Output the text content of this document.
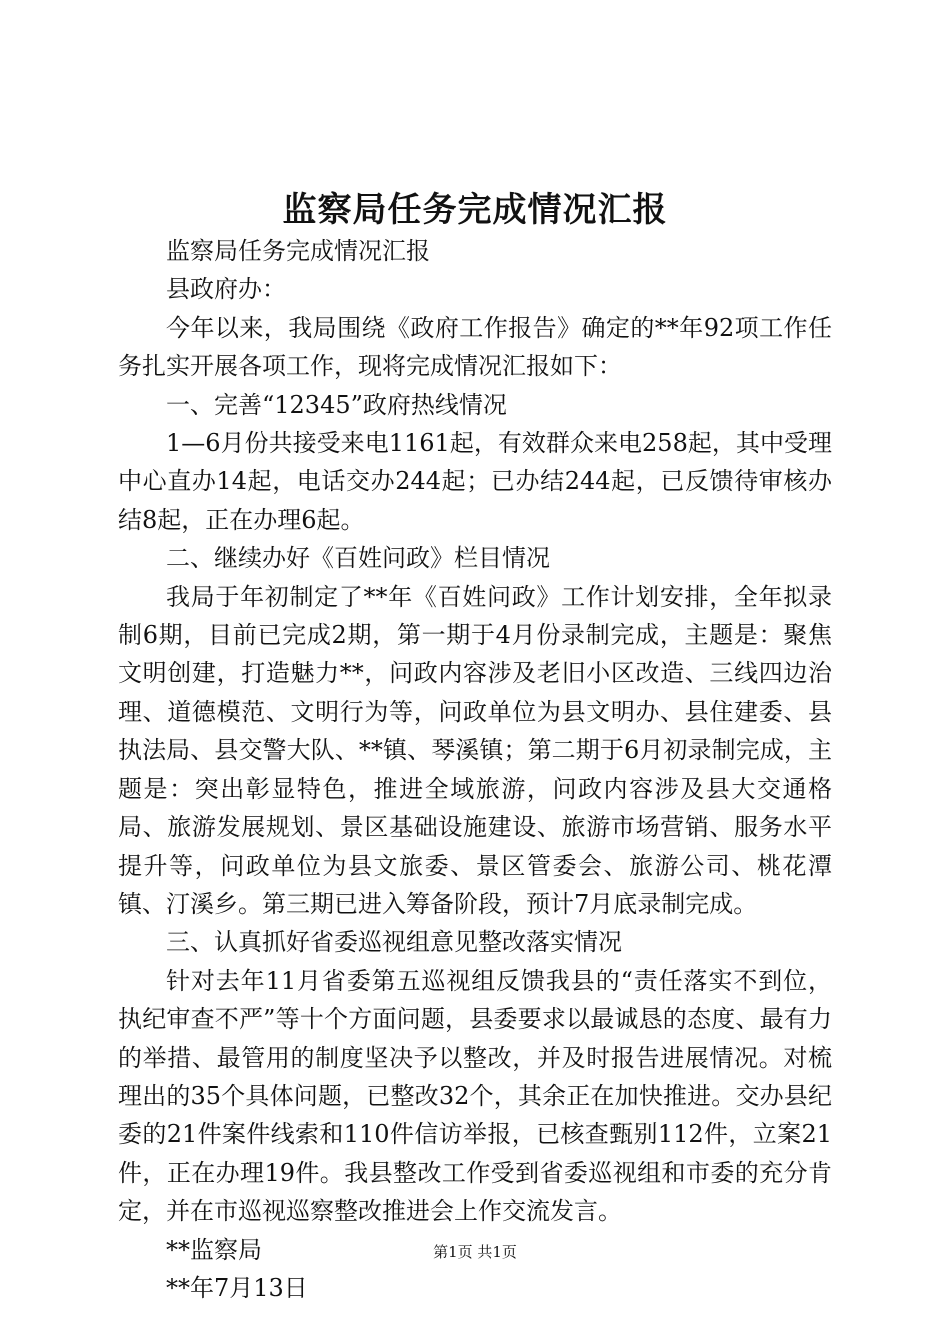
监察局任务完成情况汇报

监察局任务完成情况汇报

县政府办：

今年以来，我局围绕《政府工作报告》确定的**年92项工作任务扎实开展各项工作，现将完成情况汇报如下：

一、完善“12345”政府热线情况

1—6月份共接受来电1161起，有效群众来电258起，其中受理中心直办14起，电话交办244起；已办结244起，已反馈待审核办结8起，正在办理6起。

二、继续办好《百姓问政》栏目情况

我局于年初制定了**年《百姓问政》工作计划安排，全年拟录制6期，目前已完成2期，第一期于4月份录制完成，主题是：聚焦文明创建，打造魅力**，问政内容涉及老旧小区改造、三线四边治理、道德模范、文明行为等，问政单位为县文明办、县住建委、县执法局、县交警大队、**镇、琴溪镇；第二期于6月初录制完成，主题是：突出彰显特色，推进全域旅游，问政内容涉及县大交通格局、旅游发展规划、景区基础设施建设、旅游市场营销、服务水平提升等，问政单位为县文旅委、景区管委会、旅游公司、桃花潭镇、汀溪乡。第三期已进入筹备阶段，预计7月底录制完成。

三、认真抓好省委巡视组意见整改落实情况

针对去年11月省委第五巡视组反馈我县的“责任落实不到位，执纪审查不严”等十个方面问题，县委要求以最诚恳的态度、最有力的举措、最管用的制度坚决予以整改，并及时报告进展情况。对梳理出的35个具体问题，已整改32个，其余正在加快推进。交办县纪委的21件案件线索和110件信访举报，已核查甄别112件，立案21件，正在办理19件。我县整改工作受到省委巡视组和市委的充分肯定，并在市巡视巡察整改推进会上作交流发言。

**监察局

**年7月13日

第1页 共1页
